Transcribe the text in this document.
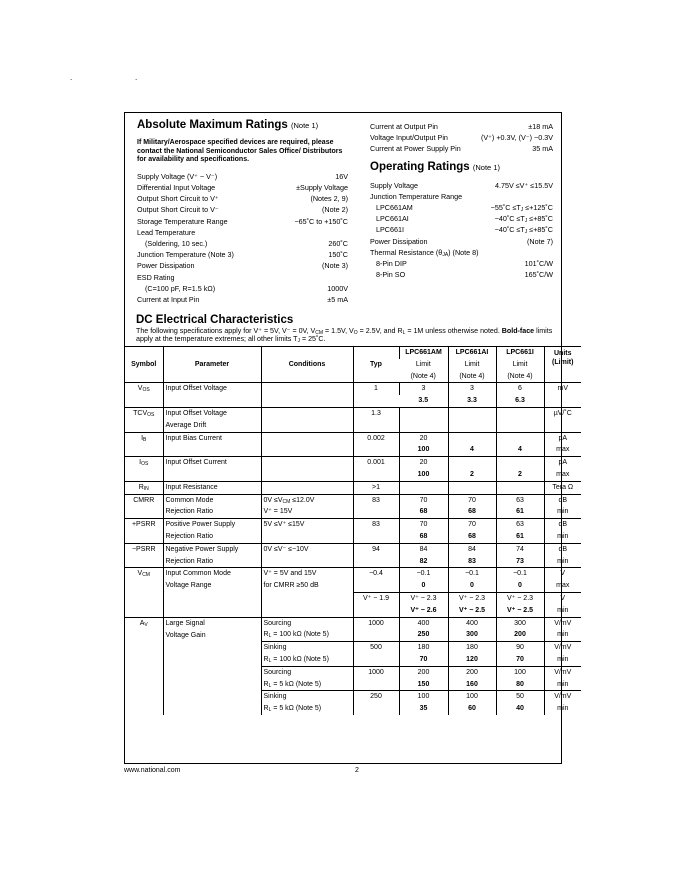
.	.
Absolute Maximum Ratings (Note 1)
If Military/Aerospace specified devices are required, please contact the National Semiconductor Sales Office/ Distributors for availability and specifications.
Supply Voltage (V⁺ − V⁻)	16V
Differential Input Voltage	±Supply Voltage
Output Short Circuit to V⁺	(Notes 2, 9)
Output Short Circuit to V⁻	(Note 2)
Storage Temperature Range	−65˚C to +150˚C
Lead Temperature
(Soldering, 10 sec.)	260˚C
Junction Temperature (Note 3)	150˚C
Power Dissipation	(Note 3)
ESD Rating
(C=100 pF, R=1.5 kΩ)	1000V
Current at Input Pin	±5 mA
Current at Output Pin	±18 mA
Voltage Input/Output Pin	(V⁺) +0.3V, (V⁻) −0.3V
Current at Power Supply Pin	35 mA
Operating Ratings (Note 1)
Supply Voltage	4.75V ≤V⁺ ≤15.5V
Junction Temperature Range
LPC661AM	−55˚C $\le T_J$ ≤+125˚C
LPC661AI	−40˚C $\le T_J$ ≤+85˚C
LPC661I	−40˚C $\le T_J$ ≤+85˚C
Power Dissipation	(Note 7)
Thermal Resistance $(\theta_{JA})$ (Note 8)
8-Pin DIP	101˚C/W
8-Pin SO	165˚C/W
DC Electrical Characteristics
The following specifications apply for V⁺ = 5V, V⁻ = 0V, $V_{CM} = 1.5V$, $V_O = 2.5V$, and $R_L = 1M$ unless otherwise noted. Bold-face limits apply at the temperature extremes; all other limits $T_J$ = 25˚C.
Symbol	Parameter	Conditions	Typ	LPC661AM	LPC661AI	LPC661I	Units
(Limit)
				Limit	Limit	Limit	
				(Note 4)	(Note 4)	(Note 4)	
$V_{OS}$	Input Offset Voltage		1	3	3	6	mV
				3.5	3.3	6.3	
$TCV_{OS}$	Input Offset Voltage		1.3				µV/˚C
	Average Drift						
$I_B$	Input Bias Current		0.002	20			pA
				100	4	4	max
$I_{OS}$	Input Offset Current		0.001	20			pA
				100	2	2	max
$R_{IN}$	Input Resistance		>1				Tera Ω
CMRR	Common Mode	$0V \le V_{CM} \le 12.0V$	83	70	70	63	dB
	Rejection Ratio	V⁺ = 15V		68	68	61	min
+PSRR	Positive Power Supply	5V ≤V⁺ ≤15V	83	70	70	63	dB
	Rejection Ratio			68	68	61	min
−PSRR	Negative Power Supply	0V ≤V⁻ ≤−10V	94	84	84	74	dB
	Rejection Ratio			82	83	73	min
$V_{CM}$	Input Common Mode	V⁺ = 5V and 15V	−0.4	−0.1	−0.1	−0.1	V
	Voltage Range	for CMRR ≥50 dB		0	0	0	max
			V⁺ − 1.9	V⁺ − 2.3	V⁺ − 2.3	V⁺ − 2.3	V
				V⁺ − 2.6	V⁺ − 2.5	V⁺ − 2.5	min
$A_V$	Large Signal	Sourcing	1000	400	400	300	V/mV
	Voltage Gain	$R_L = 100$ kΩ (Note 5)		250	300	200	min
		Sinking	500	180	180	90	V/mV
		$R_L = 100$ kΩ (Note 5)		70	120	70	min
		Sourcing	1000	200	200	100	V/mV
		$R_L = 5$ kΩ (Note 5)		150	160	80	min
		Sinking	250	100	100	50	V/mV
		$R_L = 5$ kΩ (Note 5)		35	60	40	min

www.national.com	2
